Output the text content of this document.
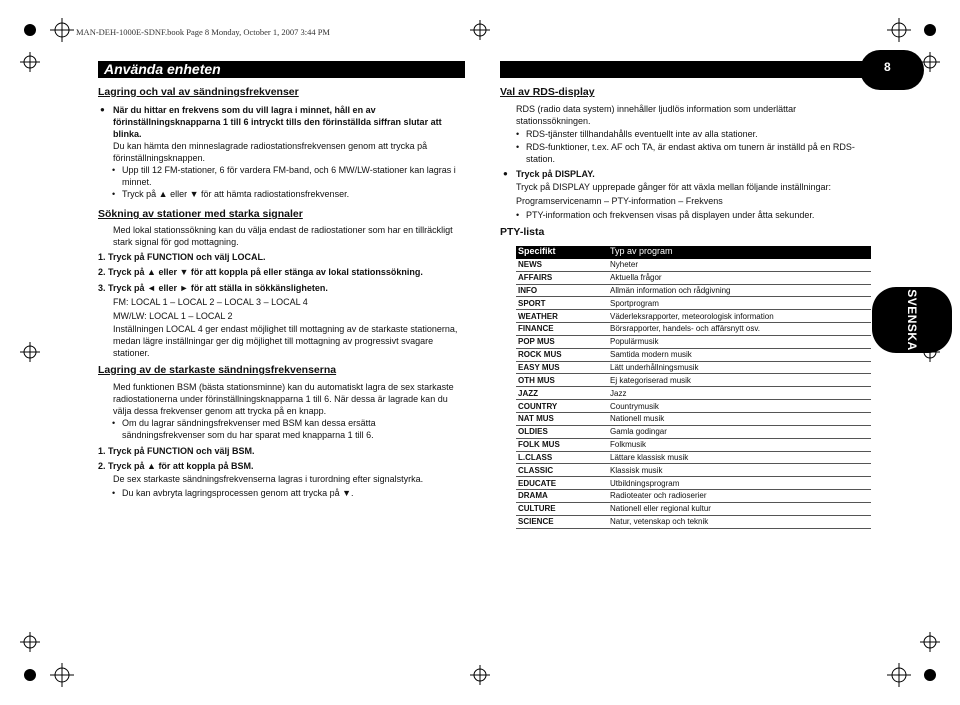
MAN-DEH-1000E-SDNF.book Page 8 Monday, October 1, 2007 3:44 PM
Använda enheten	8
SVENSKA
Lagring och val av sändningsfrekvenser
● När du hittar en frekvens som du vill lagra i minnet, håll en av förinställningsknapparna 1 till 6 intryckt tills den förinställda siffran slutar att blinka.
Du kan hämta den minneslagrade radiostationsfrekvensen genom att trycka på förinställningsknappen.
• Upp till 12 FM-stationer, 6 för vardera FM-band, och 6 MW/LW-stationer kan lagras i minnet.
• Tryck på ▲ eller ▼ för att hämta radiostationsfrekvenser.
Sökning av stationer med starka signaler
Med lokal stationssökning kan du välja endast de radiostationer som har en tillräckligt stark signal för god mottagning.
1. Tryck på FUNCTION och välj LOCAL.
2. Tryck på ▲ eller ▼ för att koppla på eller stänga av lokal stationssökning.
3. Tryck på ◄ eller ► för att ställa in sökkänsligheten.
FM: LOCAL 1 – LOCAL 2 – LOCAL 3 – LOCAL 4
MW/LW: LOCAL 1 – LOCAL 2
Inställningen LOCAL 4 ger endast möjlighet till mottagning av de starkaste stationerna, medan lägre inställningar ger dig möjlighet till mottagning av progressivt svagare stationer.
Lagring av de starkaste sändningsfrekvenserna
Med funktionen BSM (bästa stationsminne) kan du automatiskt lagra de sex starkaste radiostationerna under förinställningsknapparna 1 till 6. När dessa är lagrade kan du välja dessa frekvenser genom att trycka på en knapp.
• Om du lagrar sändningsfrekvenser med BSM kan dessa ersätta sändningsfrekvenser som du har sparat med knapparna 1 till 6.
1. Tryck på FUNCTION och välj BSM.
2. Tryck på ▲ för att koppla på BSM.
De sex starkaste sändningsfrekvenserna lagras i turordning efter signalstyrka.
• Du kan avbryta lagringsprocessen genom att trycka på ▼.
Val av RDS-display
RDS (radio data system) innehåller ljudlös information som underlättar stationssökningen.
• RDS-tjänster tillhandahålls eventuellt inte av alla stationer.
• RDS-funktioner, t.ex. AF och TA, är endast aktiva om tunern är inställd på en RDS-station.
● Tryck på DISPLAY.
Tryck på DISPLAY upprepade gånger för att växla mellan följande inställningar:
Programservicenamn – PTY-information – Frekvens
• PTY-information och frekvensen visas på displayen under åtta sekunder.
PTY-lista
Specifikt	Typ av program
NEWS	Nyheter
AFFAIRS	Aktuella frågor
INFO	Allmän information och rådgivning
SPORT	Sportprogram
WEATHER	Väderleksrapporter, meteorologisk information
FINANCE	Börsrapporter, handels- och affärsnytt osv.
POP MUS	Populärmusik
ROCK MUS	Samtida modern musik
EASY MUS	Lätt underhållningsmusik
OTH MUS	Ej kategoriserad musik
JAZZ	Jazz
COUNTRY	Countrymusik
NAT MUS	Nationell musik
OLDIES	Gamla godingar
FOLK MUS	Folkmusik
L.CLASS	Lättare klassisk musik
CLASSIC	Klassisk musik
EDUCATE	Utbildningsprogram
DRAMA	Radioteater och radioserier
CULTURE	Nationell eller regional kultur
SCIENCE	Natur, vetenskap och teknik
